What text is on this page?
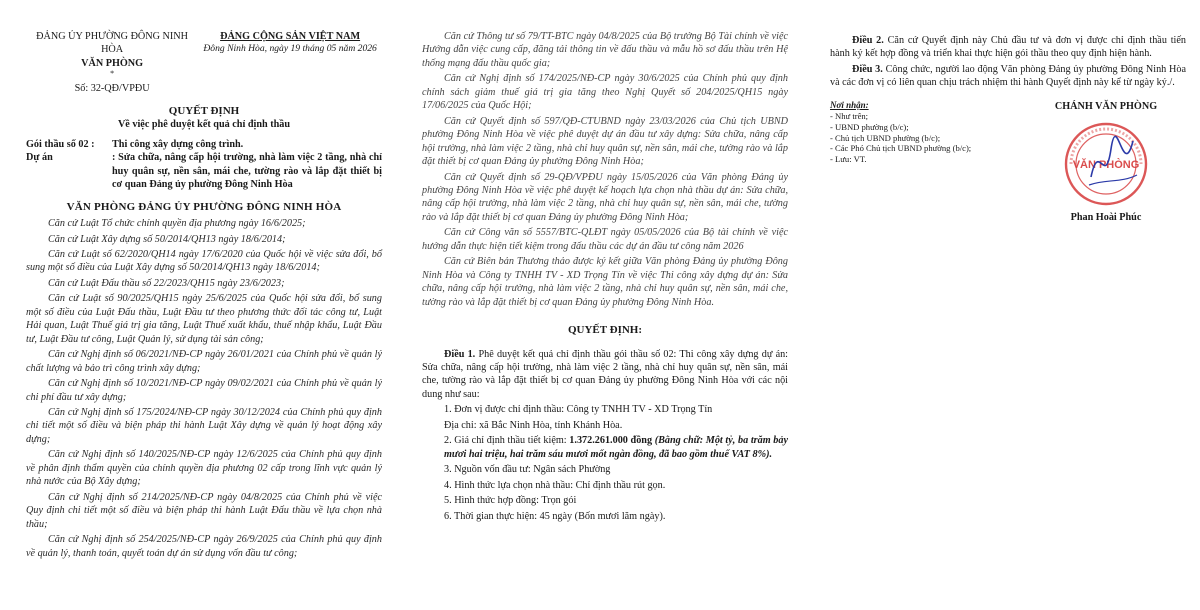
ĐẢNG ỦY PHƯỜNG ĐÔNG NINH HÒA
VĂN PHÒNG
*
Số: 32-QĐ/VPĐU
ĐẢNG CỘNG SẢN VIỆT NAM
Đông Ninh Hòa, ngày 19 tháng 05 năm 2026
QUYẾT ĐỊNH
Về việc phê duyệt kết quả chỉ định thầu
Gói thầu số 02 :	Thi công xây dựng công trình.
Dự án	: Sửa chữa, nâng cấp hội trường, nhà làm việc 2 tầng, nhà chỉ huy quân sự, nền sân, mái che, tường rào và lắp đặt thiết bị cơ quan Đảng ủy phường Đông Ninh Hòa
VĂN PHÒNG ĐẢNG ỦY PHƯỜNG ĐÔNG NINH HÒA

Căn cứ Luật Tổ chức chính quyền địa phương ngày 16/6/2025;

Căn cứ Luật Xây dựng số 50/2014/QH13 ngày 18/6/2014;

Căn cứ Luật số 62/2020/QH14 ngày 17/6/2020 của Quốc hội về việc sửa đổi, bổ sung một số điều của Luật Xây dựng số 50/2014/QH13 ngày 18/6/2014;

Căn cứ Luật Đấu thầu số 22/2023/QH15 ngày 23/6/2023;

Căn cứ Luật số 90/2025/QH15 ngày 25/6/2025 của Quốc hội sửa đổi, bổ sung một số điều của Luật Đấu thầu, Luật Đầu tư theo phương thức đối tác công tư, Luật Hải quan, Luật Thuế giá trị gia tăng, Luật Thuế xuất khẩu, thuế nhập khẩu, Luật Đầu tư, Luật Đầu tư công, Luật Quản lý, sử dụng tài sản công;

Căn cứ Nghị định số 06/2021/NĐ-CP ngày 26/01/2021 của Chính phủ về quản lý chất lượng và bảo trì công trình xây dựng;

Căn cứ Nghị định số 10/2021/NĐ-CP ngày 09/02/2021 của Chính phủ về quản lý chi phí đầu tư xây dựng;

Căn cứ Nghị định số 175/2024/NĐ-CP ngày 30/12/2024 của Chính phủ quy định chi tiết một số điều và biện pháp thi hành Luật Xây dựng về quản lý hoạt động xây dựng;

Căn cứ Nghị định số 140/2025/NĐ-CP ngày 12/6/2025 của Chính phủ quy định về phân định thẩm quyền của chính quyền địa phương 02 cấp trong lĩnh vực quản lý nhà nước của Bộ Xây dựng;

Căn cứ Nghị định số 214/2025/NĐ-CP ngày 04/8/2025 của Chính phủ về việc Quy định chi tiết một số điều và biện pháp thi hành Luật Đấu thầu về lựa chọn nhà thầu;

Căn cứ Nghị định số 254/2025/NĐ-CP ngày 26/9/2025 của Chính phủ quy định về quản lý, thanh toán, quyết toán dự án sử dụng vốn đầu tư công;

Căn cứ Thông tư số 79/TT-BTC ngày 04/8/2025 của Bộ trưởng Bộ Tài chính về việc Hướng dẫn việc cung cấp, đăng tải thông tin về đấu thầu và mẫu hồ sơ đấu thầu trên Hệ thống mạng đấu thầu quốc gia;

Căn cứ Nghị định số 174/2025/NĐ-CP ngày 30/6/2025 của Chính phủ quy định chính sách giảm thuế giá trị gia tăng theo Nghị Quyết số 204/2025/QH15 ngày 17/06/2025 của Quốc Hội;

Căn cứ Quyết định số 597/QĐ-CTUBND ngày 23/03/2026 của Chủ tịch UBND phường Đông Ninh Hòa về việc phê duyệt dự án đầu tư xây dựng: Sửa chữa, nâng cấp hội trường, nhà làm việc 2 tầng, nhà chỉ huy quân sự, nền sân, mái che, tường rào và lắp đặt thiết bị cơ quan Đảng ủy phường Đông Ninh Hòa;

Căn cứ Quyết định số 29-QĐ/VPĐU ngày 15/05/2026 của Văn phòng Đảng ủy phường Đông Ninh Hòa về việc phê duyệt kế hoạch lựa chọn nhà thầu dự án: Sửa chữa, nâng cấp hội trường, nhà làm việc 2 tầng, nhà chỉ huy quân sự, nền sân, mái che, tường rào và lắp đặt thiết bị cơ quan Đảng ủy phường Đông Ninh Hòa;

Căn cứ Công văn số 5557/BTC-QLĐT ngày 05/05/2026 của Bộ tài chính về việc hướng dẫn thực hiện tiết kiệm trong đấu thầu các dự án đầu tư công năm 2026

Căn cứ Biên bản Thương thảo được ký kết giữa Văn phòng Đảng ủy phường Đông Ninh Hòa và Công ty TNHH TV - XD Trọng Tín về việc Thi công xây dựng dự án: Sửa chữa, nâng cấp hội trường, nhà làm việc 2 tầng, nhà chỉ huy quân sự, nền sân, mái che, tường rào và lắp đặt thiết bị cơ quan Đảng ủy phường Đông Ninh Hòa.

QUYẾT ĐỊNH:

Điều 1. Phê duyệt kết quả chỉ định thầu gói thầu số 02: Thi công xây dựng dự án: Sửa chữa, nâng cấp hội trường, nhà làm việc 2 tầng, nhà chỉ huy quân sự, nền sân, mái che, tường rào và lắp đặt thiết bị cơ quan Đảng ủy phường Đông Ninh Hòa với các nội dung như sau:

1. Đơn vị được chỉ định thầu: Công ty TNHH TV - XD Trọng Tín
Địa chỉ: xã Bắc Ninh Hòa, tỉnh Khánh Hòa.
2. Giá chỉ định thầu tiết kiệm: 1.372.261.000 đồng (Bằng chữ: Một tỷ, ba trăm bảy mươi hai triệu, hai trăm sáu mươi mốt ngàn đồng, đã bao gồm thuế VAT 8%).
3. Nguồn vốn đầu tư: Ngân sách Phường
4. Hình thức lựa chọn nhà thầu: Chỉ định thầu rút gọn.
5. Hình thức hợp đồng: Trọn gói
6. Thời gian thực hiện: 45 ngày (Bốn mươi lăm ngày).

Điều 2. Căn cứ Quyết định này Chủ đầu tư và đơn vị được chỉ định thầu tiến hành ký kết hợp đồng và triển khai thực hiện gói thầu theo quy định hiện hành.

Điều 3. Công chức, người lao động Văn phòng Đảng ủy phường Đông Ninh Hòa và các đơn vị có liên quan chịu trách nhiệm thi hành Quyết định này kể từ ngày ký./.

Nơi nhận:
- Như trên;
- UBND phường (b/c);
- Chủ tịch UBND phường (b/c);
- Các Phó Chủ tịch UBND phường (b/c);
- Lưu: VT.
CHÁNH VĂN PHÒNG
VĂN PHÒNG
Phan Hoài Phúc
